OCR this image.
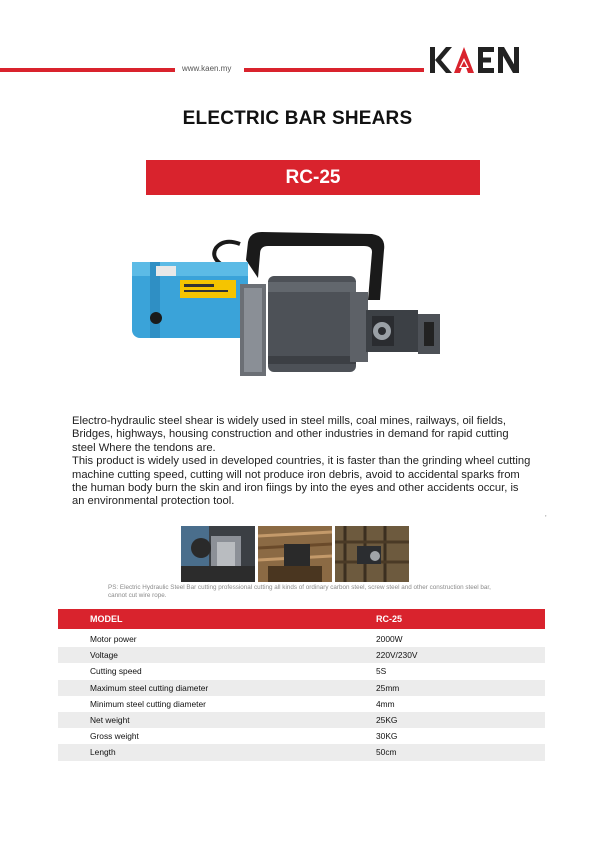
www.kaen.my
ELECTRIC BAR SHEARS
RC-25

Electro-hydraulic steel shear is widely used in steel mills, coal mines, railways, oil fields, Bridges, highways, housing construction and other industries in demand for rapid cutting steel Where the tendons are.

This product is widely used in developed countries, it is faster than the grinding wheel cutting machine cutting speed, cutting will not produce iron debris, avoid to accidental sparks from the human body burn the skin and iron fiings by into the eyes and other accidents occur, is an environmental protection tool.

,
PS: Electric Hydraulic Steel Bar cutting professional cutting all kinds of ordinary carbon steel, screw steel and other construction steel bar, cannot cut wire rope.
MODEL	RC-25
Motor power	2000W
Voltage	220V/230V
Cutting speed	5S
Maximum steel cutting diameter	25mm
Minimum steel cutting diameter	4mm
Net weight	25KG
Gross weight	30KG
Length	50cm
